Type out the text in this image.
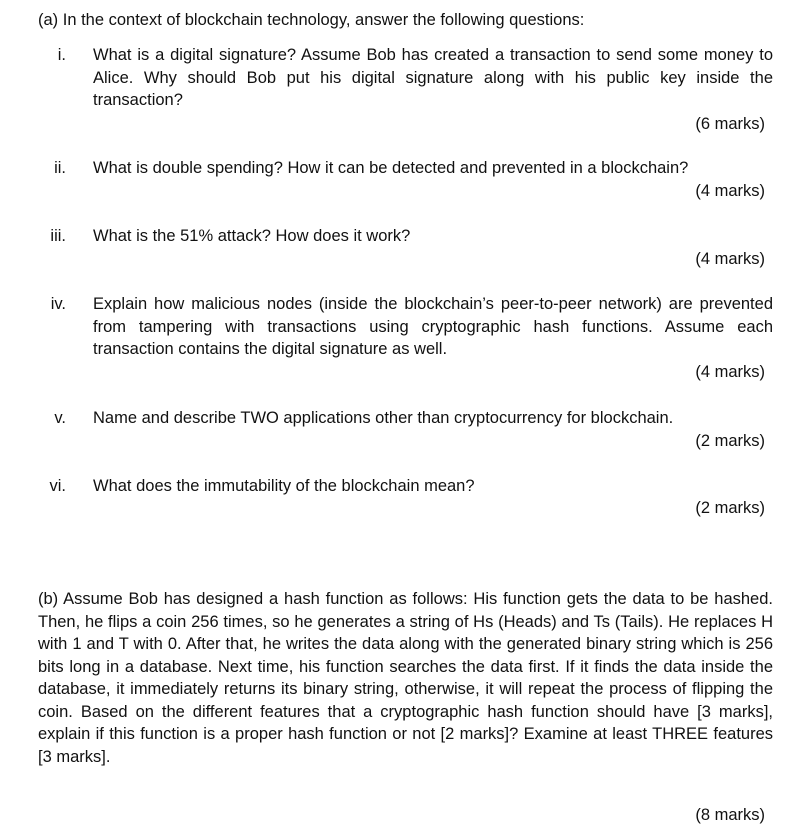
(a) In the context of blockchain technology, answer the following questions:
i. What is a digital signature? Assume Bob has created a transaction to send some money to Alice. Why should Bob put his digital signature along with his public key inside the transaction?
(6 marks)
ii. What is double spending? How it can be detected and prevented in a blockchain?
(4 marks)
iii. What is the 51% attack? How does it work?
(4 marks)
iv. Explain how malicious nodes (inside the blockchain’s peer-to-peer network) are prevented from tampering with transactions using cryptographic hash functions. Assume each transaction contains the digital signature as well.
(4 marks)
v. Name and describe TWO applications other than cryptocurrency for blockchain.
(2 marks)
vi. What does the immutability of the blockchain mean?
(2 marks)
(b) Assume Bob has designed a hash function as follows: His function gets the data to be hashed. Then, he flips a coin 256 times, so he generates a string of Hs (Heads) and Ts (Tails). He replaces H with 1 and T with 0. After that, he writes the data along with the generated binary string which is 256 bits long in a database. Next time, his function searches the data first. If it finds the data inside the database, it immediately returns its binary string, otherwise, it will repeat the process of flipping the coin. Based on the different features that a cryptographic hash function should have [3 marks], explain if this function is a proper hash function or not [2 marks]? Examine at least THREE features [3 marks].
(8 marks)
